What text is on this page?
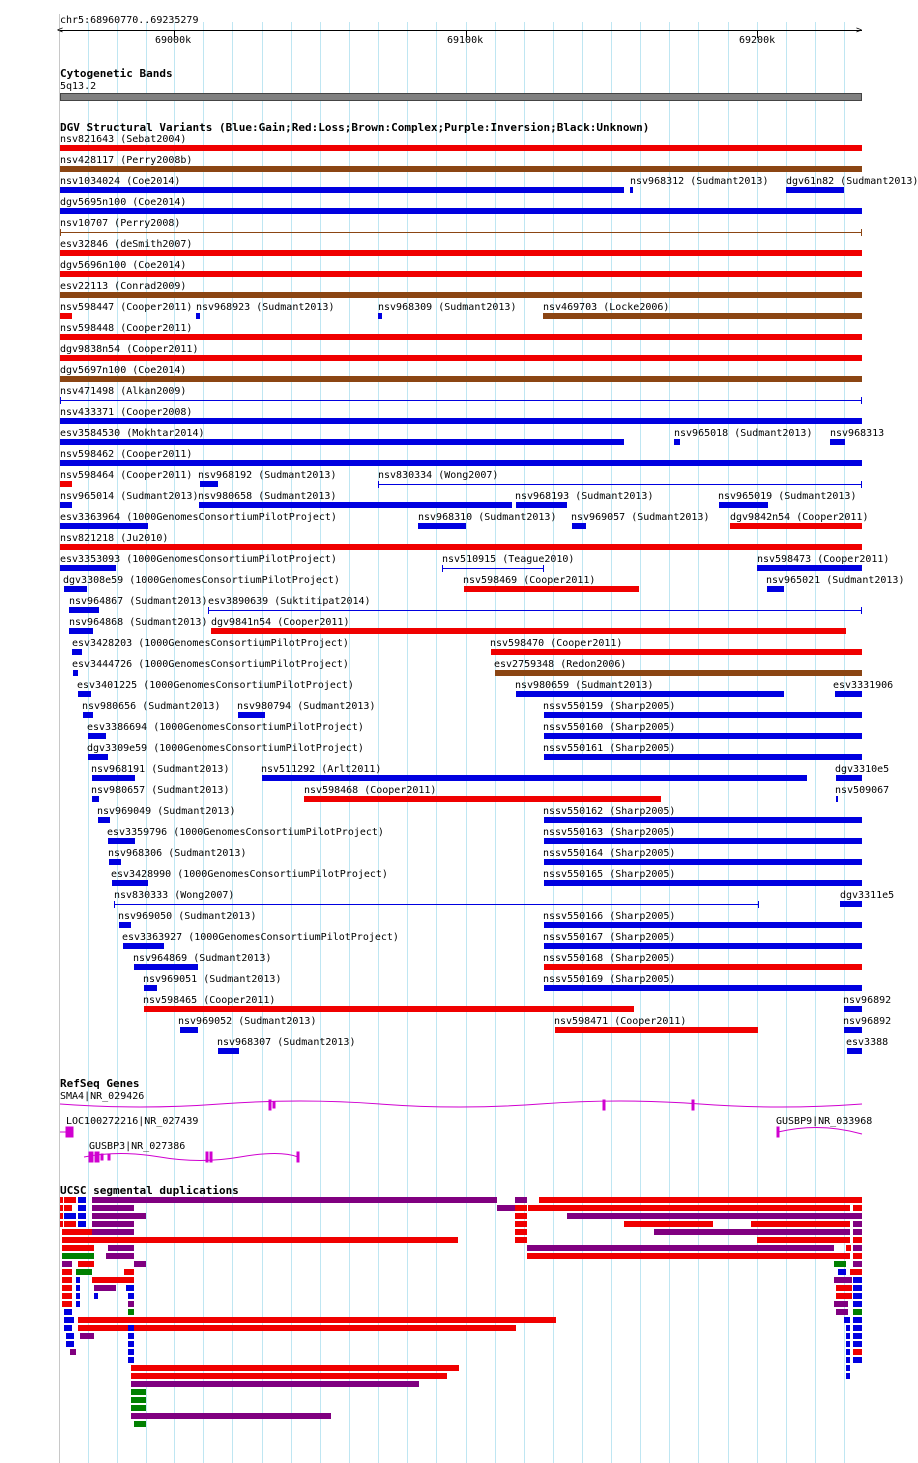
chr5:68960770..69235279
<	>
69000k	69100k	69200k
Cytogenetic Bands
5q13.2
DGV Structural Variants (Blue:Gain;Red:Loss;Brown:Complex;Purple:Inversion;Black:Unknown)
nsv821643 (Sebat2004)
nsv428117 (Perry2008b)
nsv1034024 (Coe2014)	nsv968312 (Sudmant2013) dgv61n82 (Sudmant2013)
dgv5695n100 (Coe2014)
nsv10707 (Perry2008)
esv32846 (deSmith2007)
dgv5696n100 (Coe2014)
esv22113 (Conrad2009)
nsv598447 (Cooper2011) nsv968923 (Sudmant2013)	nsv968309 (Sudmant2013)	nsv469703 (Locke2006)
nsv598448 (Cooper2011)
dgv9838n54 (Cooper2011)
dgv5697n100 (Coe2014)
nsv471498 (Alkan2009)
nsv433371 (Cooper2008)
esv3584530 (Mokhtar2014)	nsv965018 (Sudmant2013) nsv968313
nsv598462 (Cooper2011)
nsv598464 (Cooper2011) nsv968192 (Sudmant2013)	nsv830334 (Wong2007)
nsv965014 (Sudmant2013) nsv980658 (Sudmant2013)	nsv968193 (Sudmant2013)	nsv965019 (Sudmant2013)
esv3363964 (1000GenomesConsortiumPilotProject)	nsv968310 (Sudmant2013) nsv969057 (Sudmant2013) dgv9842n54 (Cooper2011)
nsv821218 (Ju2010)
esv3353093 (1000GenomesConsortiumPilotProject)	nsv510915 (Teague2010)	nsv598473 (Cooper2011)
dgv3308e59 (1000GenomesConsortiumPilotProject)	nsv598469 (Cooper2011)	nsv965021 (Sudmant2013)
nsv964867 (Sudmant2013) esv3890639 (Suktitipat2014)
nsv964868 (Sudmant2013) dgv9841n54 (Cooper2011)
esv3428203 (1000GenomesConsortiumPilotProject)	nsv598470 (Cooper2011)
esv3444726 (1000GenomesConsortiumPilotProject)	esv2759348 (Redon2006)
esv3401225 (1000GenomesConsortiumPilotProject)	nsv980659 (Sudmant2013)	esv3331906
nsv980656 (Sudmant2013) nsv980794 (Sudmant2013)	nssv550159 (Sharp2005)
esv3386694 (1000GenomesConsortiumPilotProject)	nssv550160 (Sharp2005)
dgv3309e59 (1000GenomesConsortiumPilotProject)	nssv550161 (Sharp2005)
nsv968191 (Sudmant2013)	nsv511292 (Arlt2011)	dgv3310e5
nsv980657 (Sudmant2013)	nsv598468 (Cooper2011)	nsv509067
nsv969049 (Sudmant2013)	nssv550162 (Sharp2005)
esv3359796 (1000GenomesConsortiumPilotProject)	nssv550163 (Sharp2005)
nsv968306 (Sudmant2013)	nssv550164 (Sharp2005)
esv3428990 (1000GenomesConsortiumPilotProject)	nssv550165 (Sharp2005)
nsv830333 (Wong2007)	dgv3311e5
nsv969050 (Sudmant2013)	nssv550166 (Sharp2005)
esv3363927 (1000GenomesConsortiumPilotProject)	nssv550167 (Sharp2005)
nsv964869 (Sudmant2013)	nssv550168 (Sharp2005)
nsv969051 (Sudmant2013)	nssv550169 (Sharp2005)
nsv598465 (Cooper2011)	nsv96892
nsv969052 (Sudmant2013)	nsv598471 (Cooper2011)	nsv96892
nsv968307 (Sudmant2013)	esv3388
RefSeq Genes
SMA4|NR_029426
LOC100272216|NR_027439	GUSBP9|NR_033968
GUSBP3|NR_027386
UCSC segmental duplications
